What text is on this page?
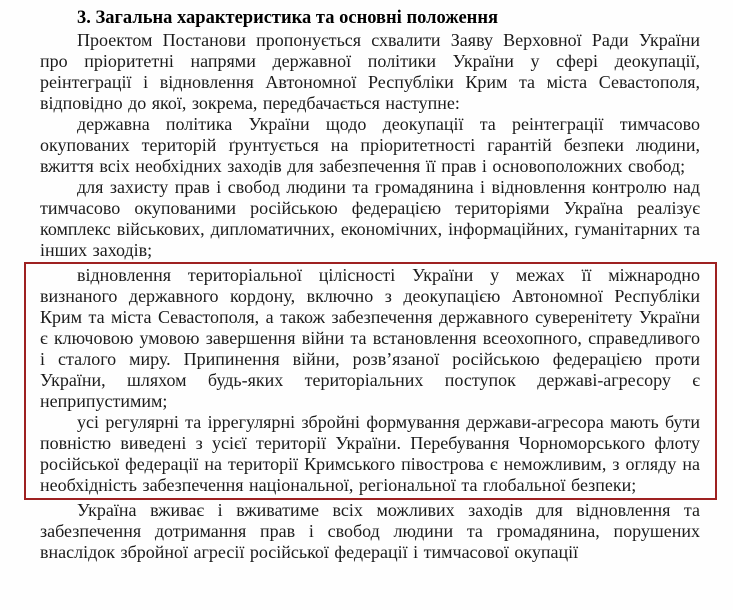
3. Загальна характеристика та основні положення

Проектом Постанови пропонується схвалити Заяву Верховної Ради України про пріоритетні напрями державної політики України у сфері деокупації, реінтеграції і відновлення Автономної Республіки Крим та міста Севастополя, відповідно до якої, зокрема, передбачається наступне:

державна політика України щодо деокупації та реінтеграції тимчасово окупованих територій ґрунтується на пріоритетності гарантій безпеки людини, вжиття всіх необхідних заходів для забезпечення її прав і основоположних свобод;

для захисту прав і свобод людини та громадянина і відновлення контролю над тимчасово окупованими російською федерацією територіями Україна реалізує комплекс військових, дипломатичних, економічних, інформаційних, гуманітарних та інших заходів;

відновлення територіальної цілісності України у межах її міжнародно визнаного державного кордону, включно з деокупацією Автономної Республіки Крим та міста Севастополя, а також забезпечення державного суверенітету України є ключовою умовою завершення війни та встановлення всеохопного, справедливого і сталого миру. Припинення війни, розв’язаної російською федерацією проти України, шляхом будь-яких територіальних поступок державі-агресору є неприпустимим;

усі регулярні та іррегулярні збройні формування держави-агресора мають бути повністю виведені з усієї території України. Перебування Чорноморського флоту російської федерації на території Кримського півострова є неможливим, з огляду на необхідність забезпечення національної, регіональної та глобальної безпеки;

Україна вживає і вживатиме всіх можливих заходів для відновлення та забезпечення дотримання прав і свобод людини та громадянина, порушених внаслідок збройної агресії російської федерації і тимчасової окупації
